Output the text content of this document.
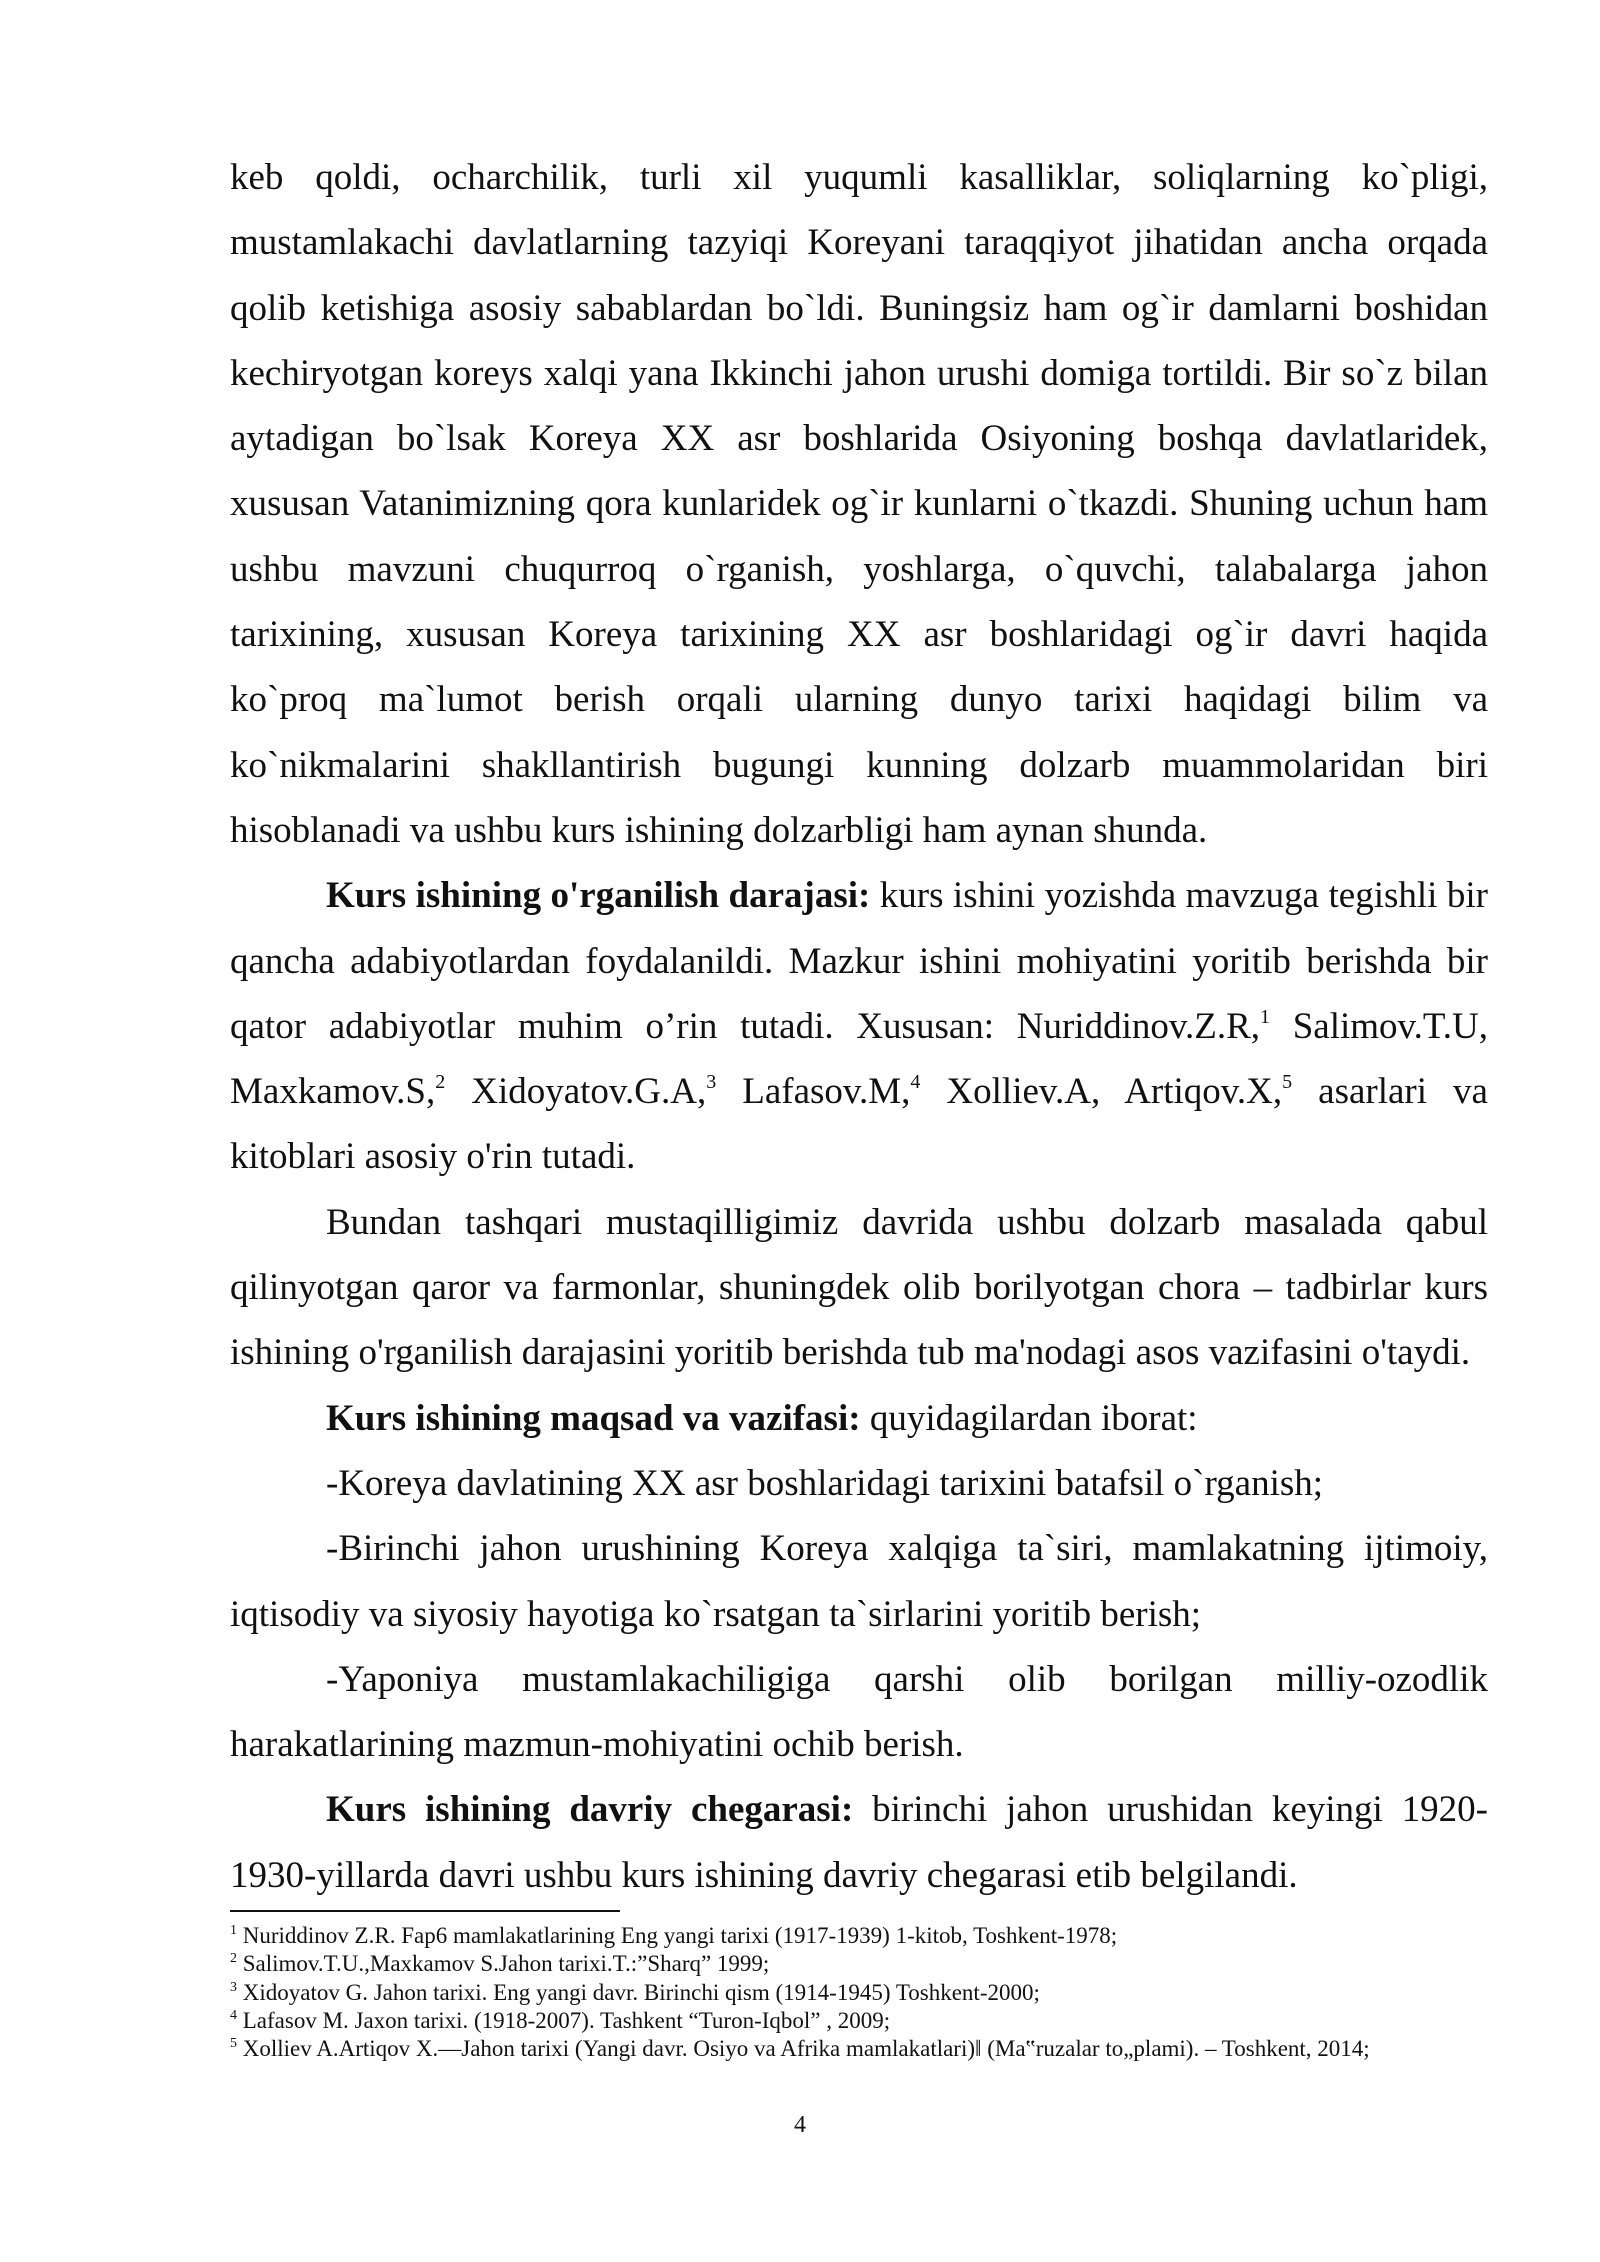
keb qoldi, ocharchilik, turli xil yuqumli kasalliklar, soliqlarning ko`pligi, mustamlakachi davlatlarning tazyiqi Koreyani taraqqiyot jihatidan ancha orqada qolib ketishiga asosiy sabablardan bo`ldi. Buningsiz ham og`ir damlarni boshidan kechiryotgan koreys xalqi yana Ikkinchi jahon urushi domiga tortildi. Bir so`z bilan aytadigan bo`lsak Koreya XX asr boshlarida Osiyoning boshqa davlatlaridek, xususan Vatanimizning qora kunlaridek og`ir kunlarni o`tkazdi. Shuning uchun ham ushbu mavzuni chuqurroq o`rganish, yoshlarga, o`quvchi, talabalarga jahon tarixining, xususan Koreya tarixining XX asr boshlaridagi og`ir davri haqida ko`proq ma`lumot berish orqali ularning dunyo tarixi haqidagi bilim va ko`nikmalarini shakllantirish bugungi kunning dolzarb muammolaridan biri hisoblanadi va ushbu kurs ishining dolzarbligi ham aynan shunda.

Kurs ishining o'rganilish darajasi: kurs ishini yozishda mavzuga tegishli bir qancha adabiyotlardan foydalanildi. Mazkur ishini mohiyatini yoritib berishda bir qator adabiyotlar muhim o’rin tutadi. Xususan: Nuriddinov.Z.R,$^1$ Salimov.T.U, Maxkamov.S,$^2$ Xidoyatov.G.A,$^3$ Lafasov.M,$^4$ Xolliev.A, Artiqov.X,$^5$ asarlari va kitoblari asosiy o'rin tutadi.

Bundan tashqari mustaqilligimiz davrida ushbu dolzarb masalada qabul qilinyotgan qaror va farmonlar, shuningdek olib borilyotgan chora – tadbirlar kurs ishining o'rganilish darajasini yoritib berishda tub ma'nodagi asos vazifasini o'taydi.

Kurs ishining maqsad va vazifasi: quyidagilardan iborat:

-Koreya davlatining XX asr boshlaridagi tarixini batafsil o`rganish;

-Birinchi jahon urushining Koreya xalqiga ta`siri, mamlakatning ijtimoiy, iqtisodiy va siyosiy hayotiga ko`rsatgan ta`sirlarini yoritib berish;

-Yaponiya mustamlakachiligiga qarshi olib borilgan milliy-ozodlik harakatlarining mazmun-mohiyatini ochib berish.

Kurs ishining davriy chegarasi: birinchi jahon urushidan keyingi 1920-1930-yillarda davri ushbu kurs ishining davriy chegarasi etib belgilandi.

$^1$ Nuriddinov Z.R. Fap6 mamlakatlarining Eng yangi tarixi (1917-1939) 1-kitob, Toshkent-1978;

$^2$ Salimov.T.U.,Maxkamov S.Jahon tarixi.T.:”Sharq” 1999;

$^3$ Xidoyatov G. Jahon tarixi. Eng yangi davr. Birinchi qism (1914-1945) Toshkent-2000;

$^4$ Lafasov M. Jaxon tarixi. (1918-2007). Tashkent “Turon-Iqbol” , 2009;

$^5$ Xolliev A.Artiqov X.—Jahon tarixi (Yangi davr. Osiyo va Afrika mamlakatlari)‖ (Ma‟ruzalar to„plami). – Toshkent, 2014;

4
